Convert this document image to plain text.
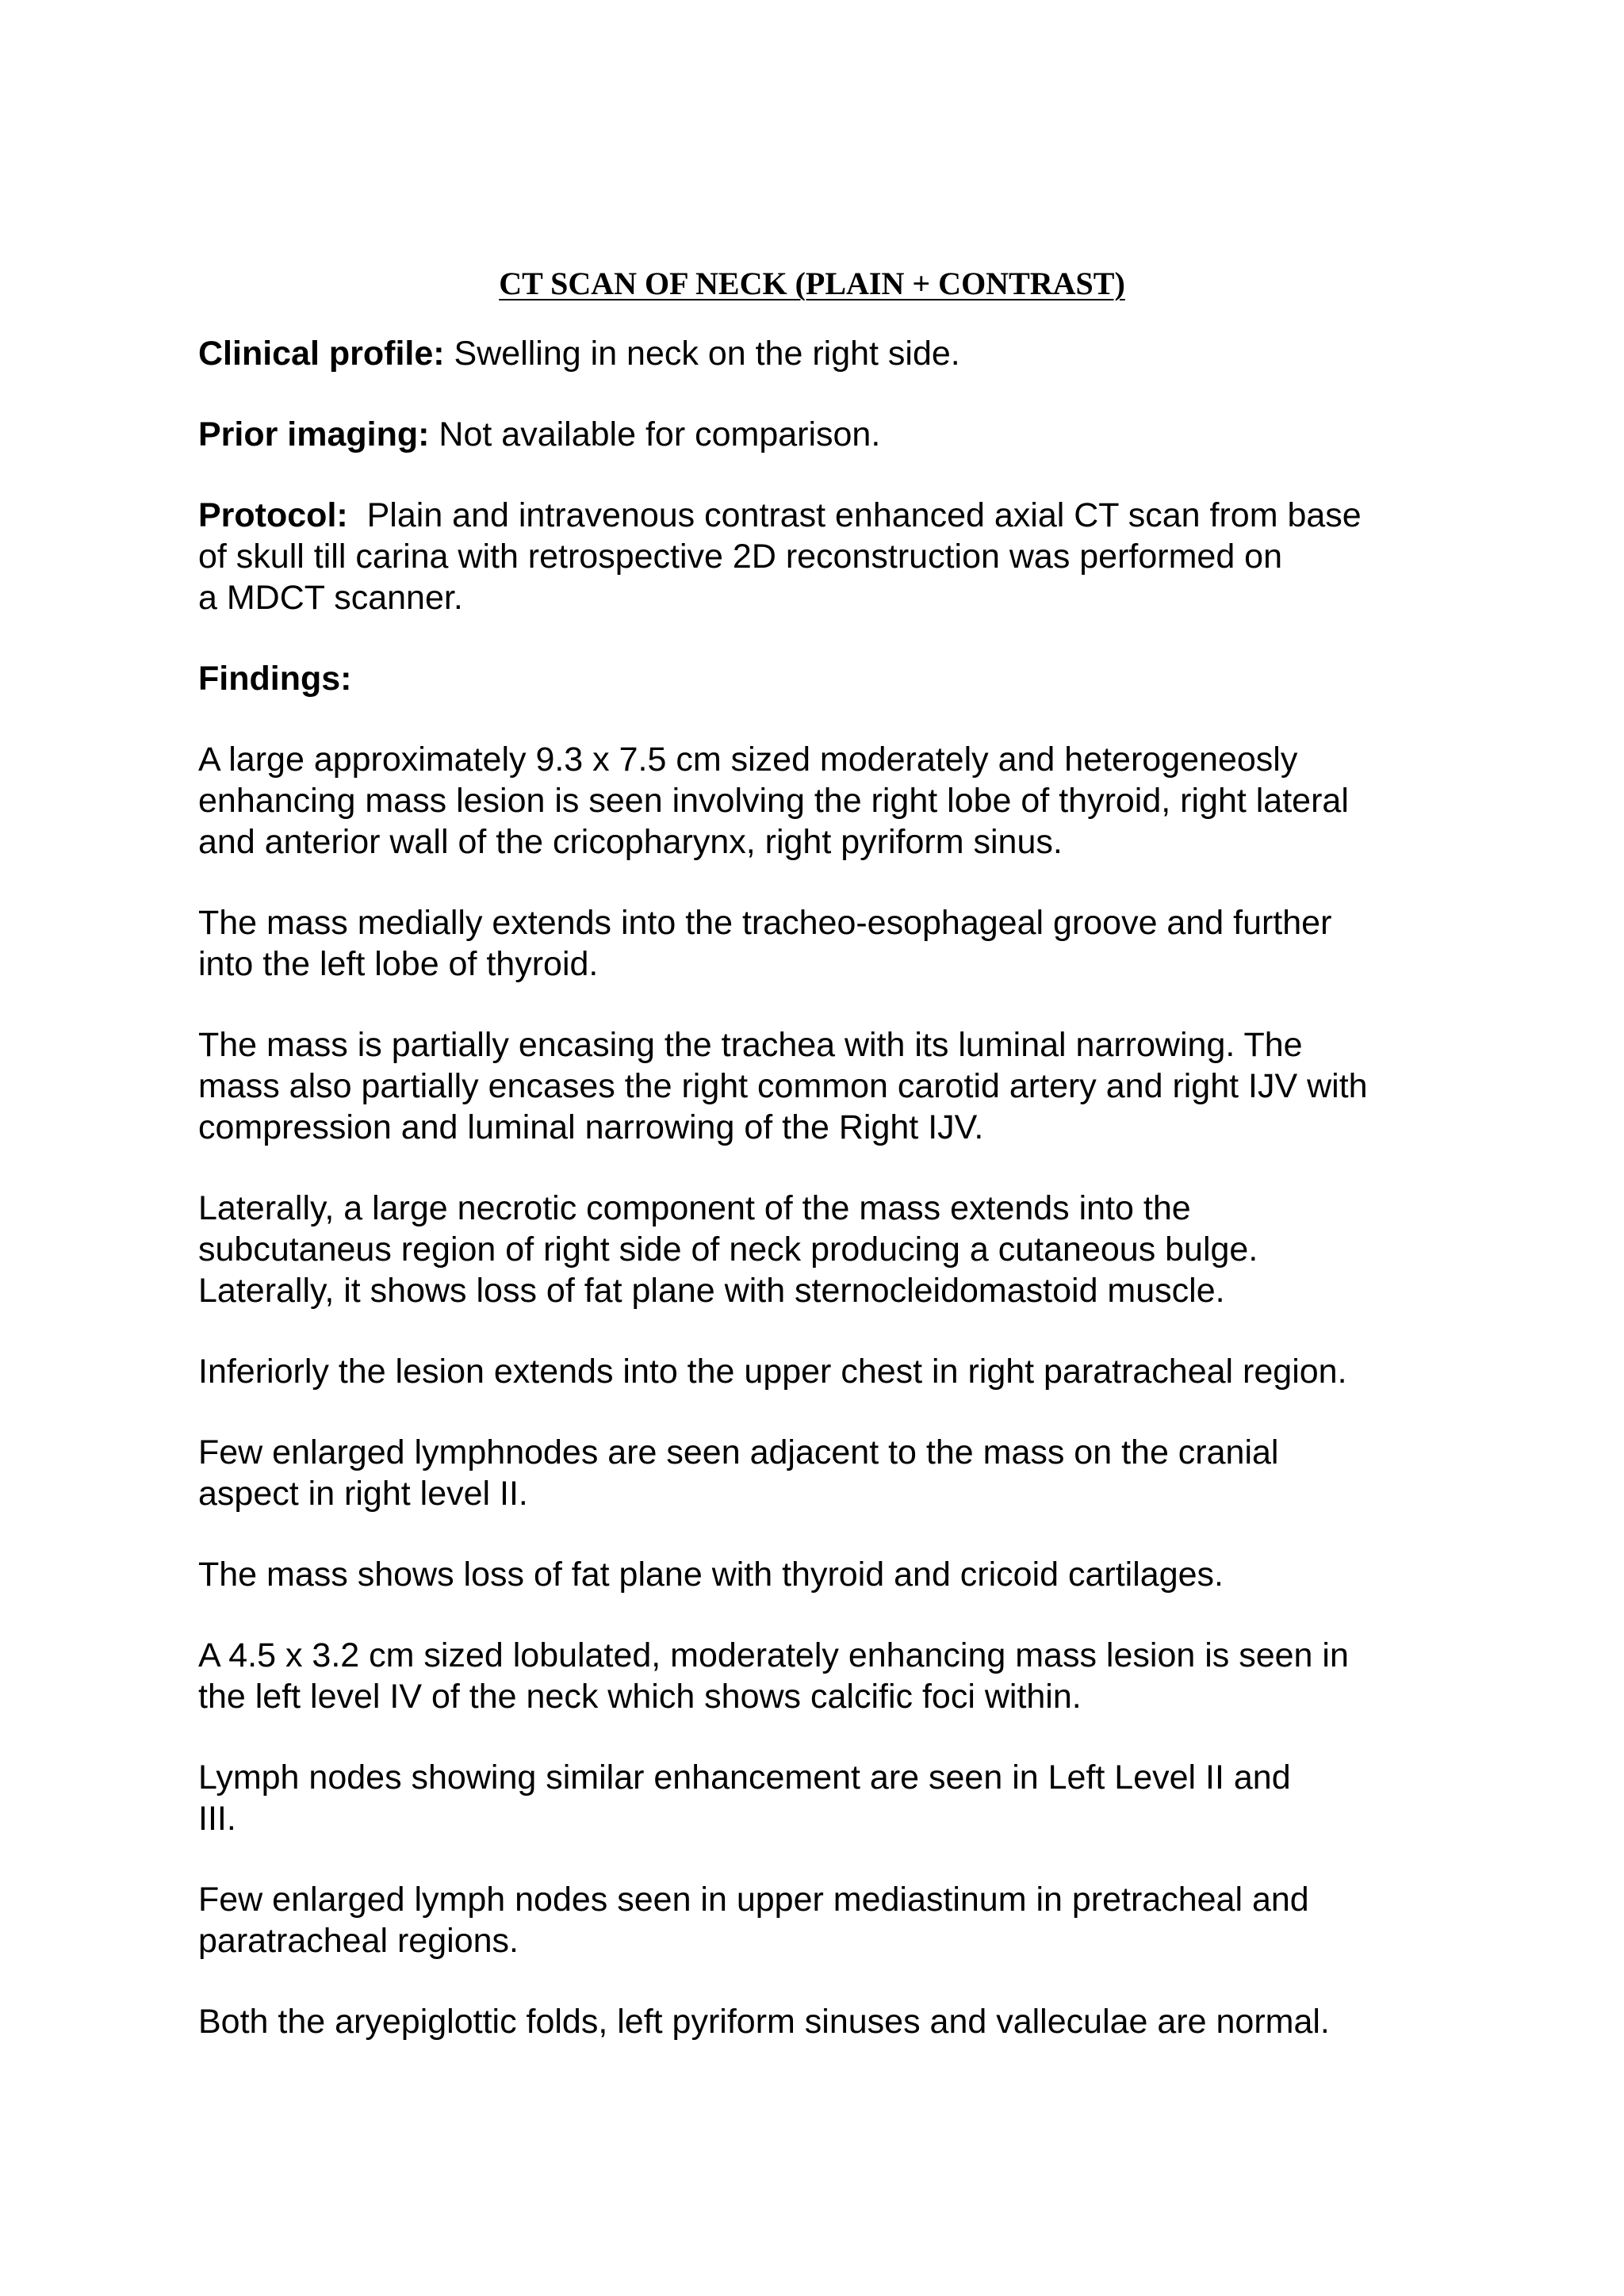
CT SCAN OF NECK (PLAIN + CONTRAST)

Clinical profile: Swelling in neck on the right side.

Prior imaging: Not available for comparison.

Protocol:  Plain and intravenous contrast enhanced axial CT scan from base
of skull till carina with retrospective 2D reconstruction was performed on
a MDCT scanner.

Findings:

A large approximately 9.3 x 7.5 cm sized moderately and heterogeneosly
enhancing mass lesion is seen involving the right lobe of thyroid, right lateral
and anterior wall of the cricopharynx, right pyriform sinus.

The mass medially extends into the tracheo-esophageal groove and further
into the left lobe of thyroid.

The mass is partially encasing the trachea with its luminal narrowing. The
mass also partially encases the right common carotid artery and right IJV with
compression and luminal narrowing of the Right IJV.

Laterally, a large necrotic component of the mass extends into the
subcutaneus region of right side of neck producing a cutaneous bulge.
Laterally, it shows loss of fat plane with sternocleidomastoid muscle.

Inferiorly the lesion extends into the upper chest in right paratracheal region.

Few enlarged lymphnodes are seen adjacent to the mass on the cranial
aspect in right level II.

The mass shows loss of fat plane with thyroid and cricoid cartilages.

A 4.5 x 3.2 cm sized lobulated, moderately enhancing mass lesion is seen in
the left level IV of the neck which shows calcific foci within.

Lymph nodes showing similar enhancement are seen in Left Level II and
III.

Few enlarged lymph nodes seen in upper mediastinum in pretracheal and
paratracheal regions.

Both the aryepiglottic folds, left pyriform sinuses and valleculae are normal.
